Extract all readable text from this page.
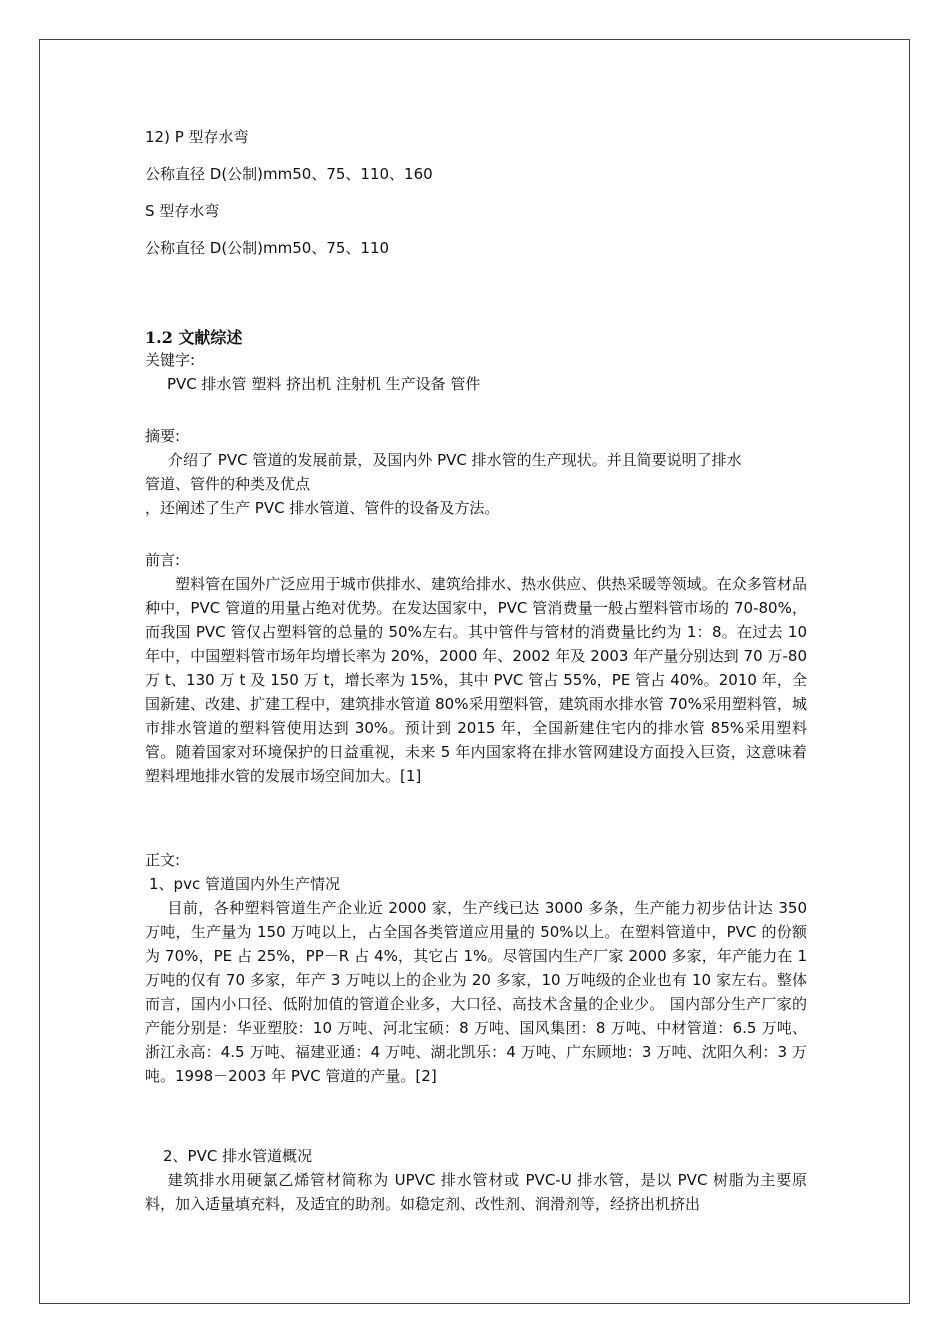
12) P 型存水弯
公称直径 D(公制)mm50、75、110、160
S 型存水弯
公称直径 D(公制)mm50、75、110
1.2 文献综述
关键字:
PVC 排水管 塑料 挤出机 注射机 生产设备 管件
摘要:
介绍了 PVC 管道的发展前景，及国内外 PVC 排水管的生产现状。并且简要说明了排水
管道、管件的种类及优点
，还阐述了生产 PVC 排水管道、管件的设备及方法。
前言:
塑料管在国外广泛应用于城市供排水、建筑给排水、热水供应、供热采暖等领域。在众多管材品种中，PVC 管道的用量占绝对优势。在发达国家中，PVC 管消费量一般占塑料管市场的 70-80%，而我国 PVC 管仅占塑料管的总量的 50%左右。其中管件与管材的消费量比约为 1：8。在过去 10 年中，中国塑料管市场年均增长率为 20%，2000 年、2002 年及 2003 年产量分别达到 70 万-80 万 t、130 万 t 及 150 万 t，增长率为 15%，其中 PVC 管占 55%，PE 管占 40%。2010 年，全国新建、改建、扩建工程中，建筑排水管道 80%采用塑料管，建筑雨水排水管 70%采用塑料管，城市排水管道的塑料管使用达到 30%。预计到 2015 年，全国新建住宅内的排水管 85%采用塑料管。随着国家对环境保护的日益重视，未来 5 年内国家将在排水管网建设方面投入巨资，这意味着塑料埋地排水管的发展市场空间加大。[1]
正文:
1、pvc 管道国内外生产情况
目前，各种塑料管道生产企业近 2000 家，生产线已达 3000 多条，生产能力初步估计达 350 万吨，生产量为 150 万吨以上，占全国各类管道应用量的 50%以上。在塑料管道中，PVC 的份额为 70%，PE 占 25%，PP－R 占 4%，其它占 1%。尽管国内生产厂家 2000 多家，年产能力在 1 万吨的仅有 70 多家，年产 3 万吨以上的企业为 20 多家，10 万吨级的企业也有 10 家左右。整体而言，国内小口径、低附加值的管道企业多，大口径、高技术含量的企业少。 国内部分生产厂家的产能分别是：华亚塑胶：10 万吨、河北宝硕：8 万吨、国风集团：8 万吨、中材管道：6.5 万吨、浙江永高：4.5 万吨、福建亚通：4 万吨、湖北凯乐：4 万吨、广东顾地：3 万吨、沈阳久利：3 万吨。1998－2003 年 PVC 管道的产量。[2]
2、PVC 排水管道概况
建筑排水用硬氯乙烯管材简称为 UPVC 排水管材或 PVC-U 排水管，是以 PVC 树脂为主要原料，加入适量填充料，及适宜的助剂。如稳定剂、改性剂、润滑剂等，经挤出机挤出
